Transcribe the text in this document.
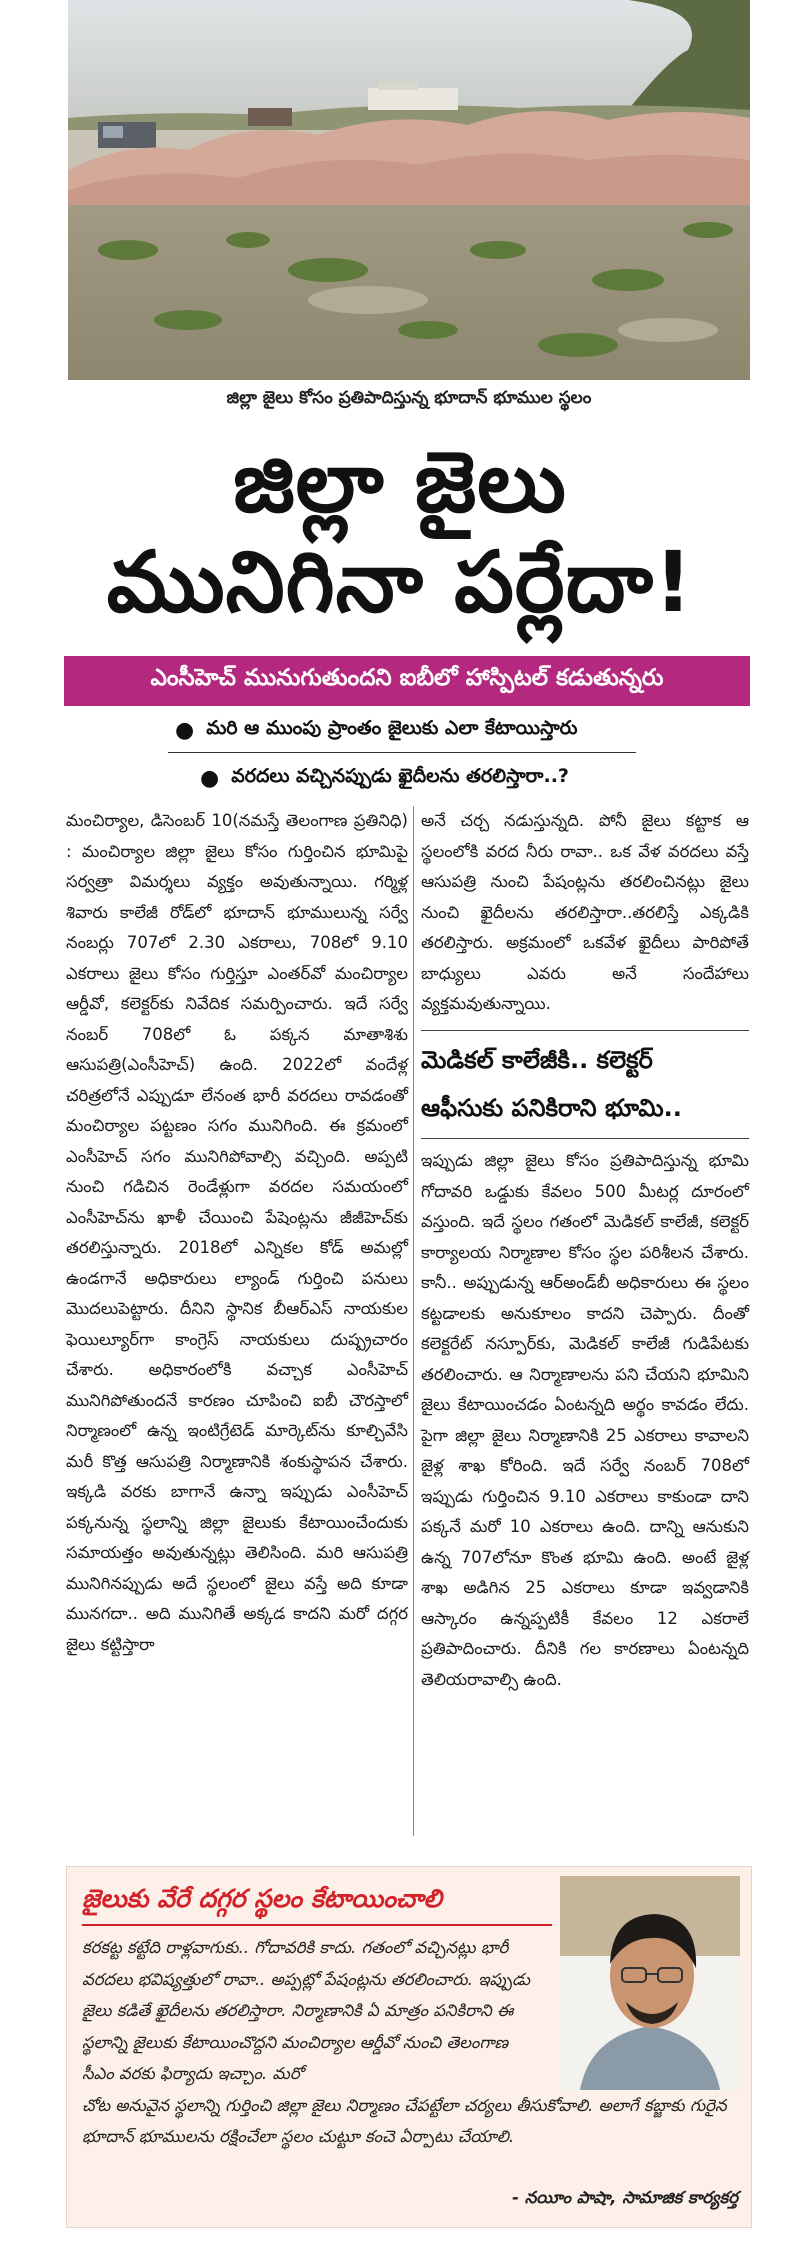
జిల్లా జైలు కోసం ప్రతిపాదిస్తున్న భూదాన్ భూముల స్థలం
జిల్లా జైలు
మునిగినా పర్లేదా!
ఎంసీహెచ్ మునుగుతుందని ఐబీలో హాస్పిటల్ కడుతున్నరు
● మరి ఆ ముంపు ప్రాంతం జైలుకు ఎలా కేటాయిస్తారు
● వరదలు వచ్చినప్పుడు ఖైదీలను తరలిస్తారా..?

మంచిర్యాల, డిసెంబర్ 10(నమస్తే తెలంగాణ ప్రతినిధి) : మంచిర్యాల జిల్లా జైలు కోసం గుర్తించిన భూమిపై సర్వత్రా విమర్శలు వ్యక్తం అవుతున్నాయి. గర్మిళ్ల శివారు కాలేజీ రోడ్‌లో భూదాన్ భూములున్న సర్వే నంబర్లు 707లో 2.30 ఎకరాలు, 708లో 9.10 ఎకరాలు జైలు కోసం గుర్తిస్తూ ఎంతర్‌వో మంచిర్యాల ఆర్డీవో, కలెక్టర్‌కు నివేదిక సమర్పించారు. ఇదే సర్వే నంబర్ 708లో ఓ పక్కన మాతాశిశు ఆసుపత్రి(ఎంసీహెచ్) ఉంది. 2022లో వందేళ్ల చరిత్రలోనే ఎప్పుడూ లేనంత భారీ వరదలు రావడంతో మంచిర్యాల పట్టణం సగం మునిగింది. ఈ క్రమంలో ఎంసీహెచ్ సగం మునిగిపోవాల్సి వచ్చింది. అప్పటి నుంచి గడిచిన రెండేళ్లుగా వరదల సమయంలో ఎంసీహెచ్‌ను ఖాళీ చేయించి పేషెంట్లను జీజీహెచ్‌కు తరలిస్తున్నారు. 2018లో ఎన్నికల కోడ్ అమల్లో ఉండగానే అధికారులు ల్యాండ్ గుర్తించి పనులు మొదలుపెట్టారు. దీనిని స్థానిక బీఆర్ఎస్ నాయకుల ఫెయిల్యూర్‌గా కాంగ్రెస్ నాయకులు దుష్ప్రచారం చేశారు. అధికారంలోకి వచ్చాక ఎంసీహెచ్ మునిగిపోతుందనే కారణం చూపించి ఐబీ చౌరస్తాలో నిర్మాణంలో ఉన్న ఇంటిగ్రేటెడ్ మార్కెట్‌ను కూల్చివేసి మరీ కొత్త ఆసుపత్రి నిర్మాణానికి శంకుస్థాపన చేశారు. ఇక్కడి వరకు బాగానే ఉన్నా ఇప్పుడు ఎంసీహెచ్ పక్కనున్న స్థలాన్ని జిల్లా జైలుకు కేటాయించేందుకు సమాయత్తం అవుతున్నట్లు తెలిసింది. మరి ఆసుపత్రి మునిగినప్పుడు అదే స్థలంలో జైలు వస్తే అది కూడా మునగదా.. అది మునిగితే అక్కడ కాదని మరో దగ్గర జైలు కట్టిస్తారా

అనే చర్చ నడుస్తున్నది. పోనీ జైలు కట్టాక ఆ స్థలంలోకి వరద నీరు రావా.. ఒక వేళ వరదలు వస్తే ఆసుపత్రి నుంచి పేషంట్లను తరలించినట్లు జైలు నుంచి ఖైదీలను తరలిస్తారా..తరలిస్తే ఎక్కడికి తరలిస్తారు. అక్రమంలో ఒకవేళ ఖైదీలు పారిపోతే బాధ్యులు ఎవరు అనే సందేహాలు వ్యక్తమవుతున్నాయి.

మెడికల్ కాలేజీకి.. కలెక్టర్
ఆఫీసుకు పనికిరాని భూమి..

ఇప్పుడు జిల్లా జైలు కోసం ప్రతిపాదిస్తున్న భూమి గోదావరి ఒడ్డుకు కేవలం 500 మీటర్ల దూరంలో వస్తుంది. ఇదే స్థలం గతంలో మెడికల్ కాలేజీ, కలెక్టర్ కార్యాలయ నిర్మాణాల కోసం స్థల పరిశీలన చేశారు. కానీ.. అప్పుడున్న ఆర్అండ్‌బీ అధికారులు ఈ స్థలం కట్టడాలకు అనుకూలం కాదని చెప్పారు. దీంతో కలెక్టరేట్ నస్పూర్‌కు, మెడికల్ కాలేజీ గుడిపేటకు తరలించారు. ఆ నిర్మాణాలను పని చేయని భూమిని జైలు కేటాయించడం ఏంటన్నది అర్థం కావడం లేదు. పైగా జిల్లా జైలు నిర్మాణానికి 25 ఎకరాలు కావాలని జైళ్ల శాఖ కోరింది. ఇదే సర్వే నంబర్ 708లో ఇప్పుడు గుర్తించిన 9.10 ఎకరాలు కాకుండా దాని పక్కనే మరో 10 ఎకరాలు ఉంది. దాన్ని ఆనుకుని ఉన్న 707లోనూ కొంత భూమి ఉంది. అంటే జైళ్ల శాఖ అడిగిన 25 ఎకరాలు కూడా ఇవ్వడానికి ఆస్కారం ఉన్నప్పటికీ కేవలం 12 ఎకరాలే ప్రతిపాదించారు. దీనికి గల కారణాలు ఏంటన్నది తెలియరావాల్సి ఉంది.

జైలుకు వేరే దగ్గర స్థలం కేటాయించాలి
కరకట్ట కట్టేది రాళ్లవాగుకు.. గోదావరికి కాదు. గతంలో వచ్చినట్లు భారీ వరదలు భవిష్యత్తులో రావా.. అప్పట్లో పేషంట్లను తరలించారు. ఇప్పుడు జైలు కడితే ఖైదీలను తరలిస్తారా. నిర్మాణానికి ఏ మాత్రం పనికిరాని ఈ స్థలాన్ని జైలుకు కేటాయించొద్దని మంచిర్యాల ఆర్డీవో నుంచి తెలంగాణ సీఎం వరకు ఫిర్యాదు ఇచ్చాం. మరో
చోట అనువైన స్థలాన్ని గుర్తించి జిల్లా జైలు నిర్మాణం చేపట్టేలా చర్యలు తీసుకోవాలి. అలాగే కబ్జాకు గురైన భూదాన్ భూములను రక్షించేలా స్థలం చుట్టూ కంచె ఏర్పాటు చేయాలి.
- నయీం పాషా, సామాజిక కార్యకర్త
